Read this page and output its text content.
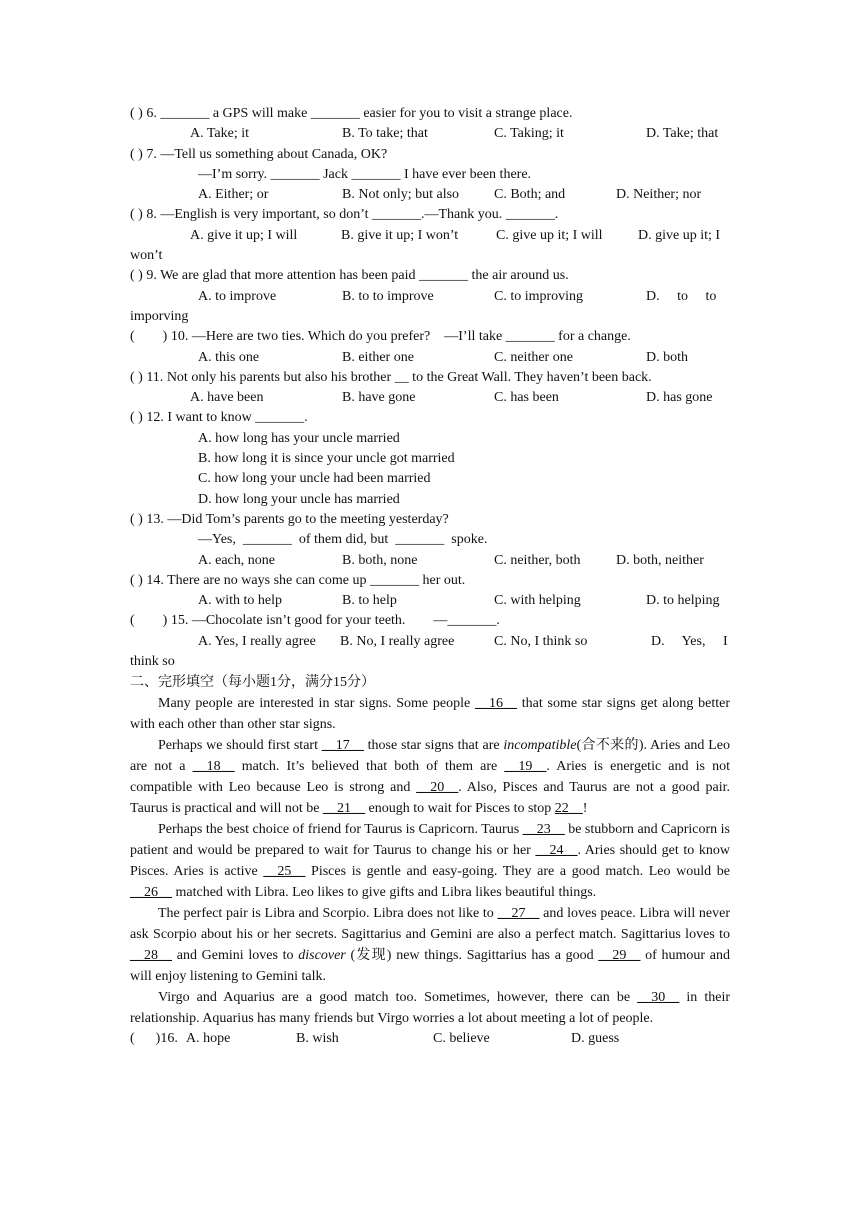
( ) 6. _______ a GPS will make _______ easier for you to visit a strange place.
A. Take; it	B. To take; that	C. Taking; it	D. Take; that
( ) 7. —Tell us something about Canada, OK?
—I’m sorry. _______ Jack _______ I have ever been there.
A. Either; or	B. Not only; but also C. Both; and	D. Neither; nor
( ) 8. —English is very important, so don’t _______.—Thank you. _______.
A. give it up; I will	B. give it up; I won’t	C. give up it; I will	D. give up it; I
won’t
( ) 9. We are glad that more attention has been paid _______ the air around us.
A. to improve	B. to to improve	C. to improving	D.     to     to
imporving
(        ) 10. —Here are two ties. Which do you prefer?    —I’ll take _______ for a change.
A. this one	B. either one	C. neither one	D. both
( ) 11. Not only his parents but also his brother __ to the Great Wall. They haven’t been back.
A. have been	B. have gone	C. has been	D. has gone
( ) 12. I want to know _______.
A. how long has your uncle married
B. how long it is since your uncle got married
C. how long your uncle had been married
D. how long your uncle has married
( ) 13. —Did Tom’s parents go to the meeting yesterday?
—Yes,  _______  of them did, but  _______  spoke.
A. each, none	B. both, none	C. neither, both	D. both, neither
( ) 14. There are no ways she can come up _______ her out.
A. with to help	B. to help	C. with helping	D. to helping
(        ) 15. —Chocolate isn’t good for your teeth.        —_______.
A. Yes, I really agree B. No, I really agree	C. No, I think so	D.     Yes,     I
think so
二、完形填空（每小题1分，满分15分）

Many people are interested in star signs. Some people __16__ that some star signs get along better with each other than other star signs.

Perhaps we should first start __17__ those star signs that are incompatible(合不来的). Aries and Leo are not a __18__ match. It’s believed that both of them are __19__. Aries is energetic and is not compatible with Leo because Leo is strong and __20__. Also, Pisces and Taurus are not a good pair. Taurus is practical and will not be __21__ enough to wait for Pisces to stop 22__!

Perhaps the best choice of friend for Taurus is Capricorn. Taurus __23__ be stubborn and Capricorn is patient and would be prepared to wait for Taurus to change his or her __24__. Aries should get to know Pisces. Aries is active __25__ Pisces is gentle and easy-going. They are a good match. Leo would be __26__ matched with Libra. Leo likes to give gifts and Libra likes beautiful things.

The perfect pair is Libra and Scorpio. Libra does not like to __27__ and loves peace. Libra will never ask Scorpio about his or her secrets. Sagittarius and Gemini are also a perfect match. Sagittarius loves to __28__ and Gemini loves to discover (发现) new things. Sagittarius has a good __29__ of humour and will enjoy listening to Gemini talk.

Virgo and Aquarius are a good match too. Sometimes, however, there can be __30__ in their relationship. Aquarius has many friends but Virgo worries a lot about meeting a lot of people.

(      )16. A. hope	B. wish	C. believe	D. guess
